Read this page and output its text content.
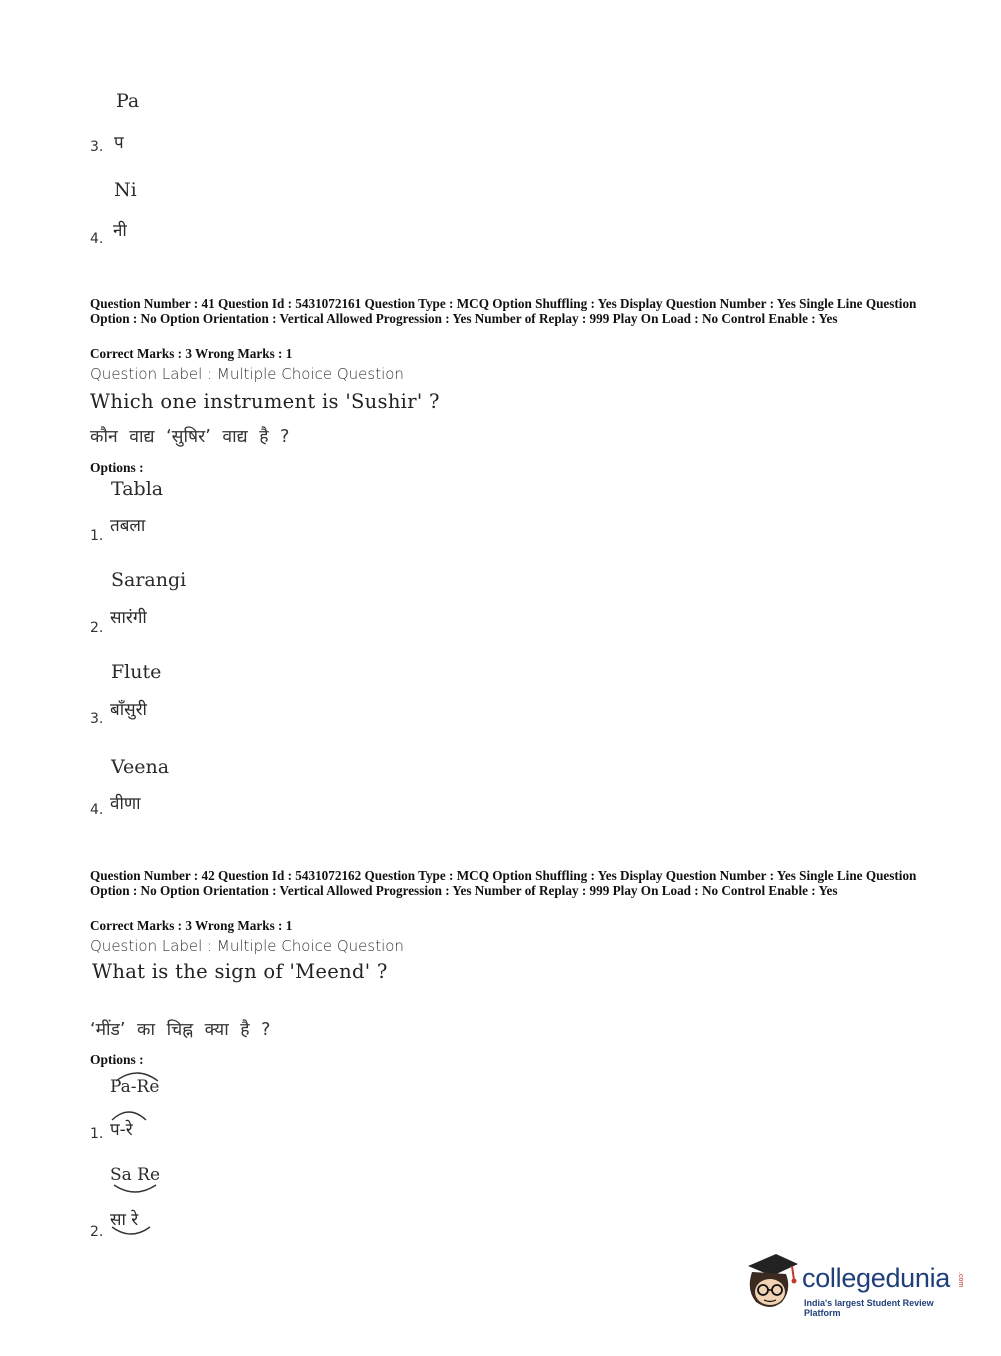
Pa
3. प
Ni
4. नी
Question Number : 41 Question Id : 5431072161 Question Type : MCQ Option Shuffling : Yes Display Question Number : Yes Single Line Question Option : No Option Orientation : Vertical Allowed Progression : Yes Number of Replay : 999 Play On Load : No Control Enable : Yes
Correct Marks : 3 Wrong Marks : 1
Question Label : Multiple Choice Question
Which one instrument is 'Sushir' ?
कौन वाद्य ‘सुषिर’ वाद्य है ?
Options :
Tabla
1. तबला
Sarangi
2. सारंगी
Flute
3. बाँसुरी
Veena
4. वीणा
Question Number : 42 Question Id : 5431072162 Question Type : MCQ Option Shuffling : Yes Display Question Number : Yes Single Line Question Option : No Option Orientation : Vertical Allowed Progression : Yes Number of Replay : 999 Play On Load : No Control Enable : Yes
Correct Marks : 3 Wrong Marks : 1
Question Label : Multiple Choice Question
What is the sign of 'Meend' ?
‘मींड’ का चिह्न क्या है ?
Options :
Pa-Re
1. प-रे
Sa Re
2.
सा रे
collegedunia .com
India's largest Student Review Platform
